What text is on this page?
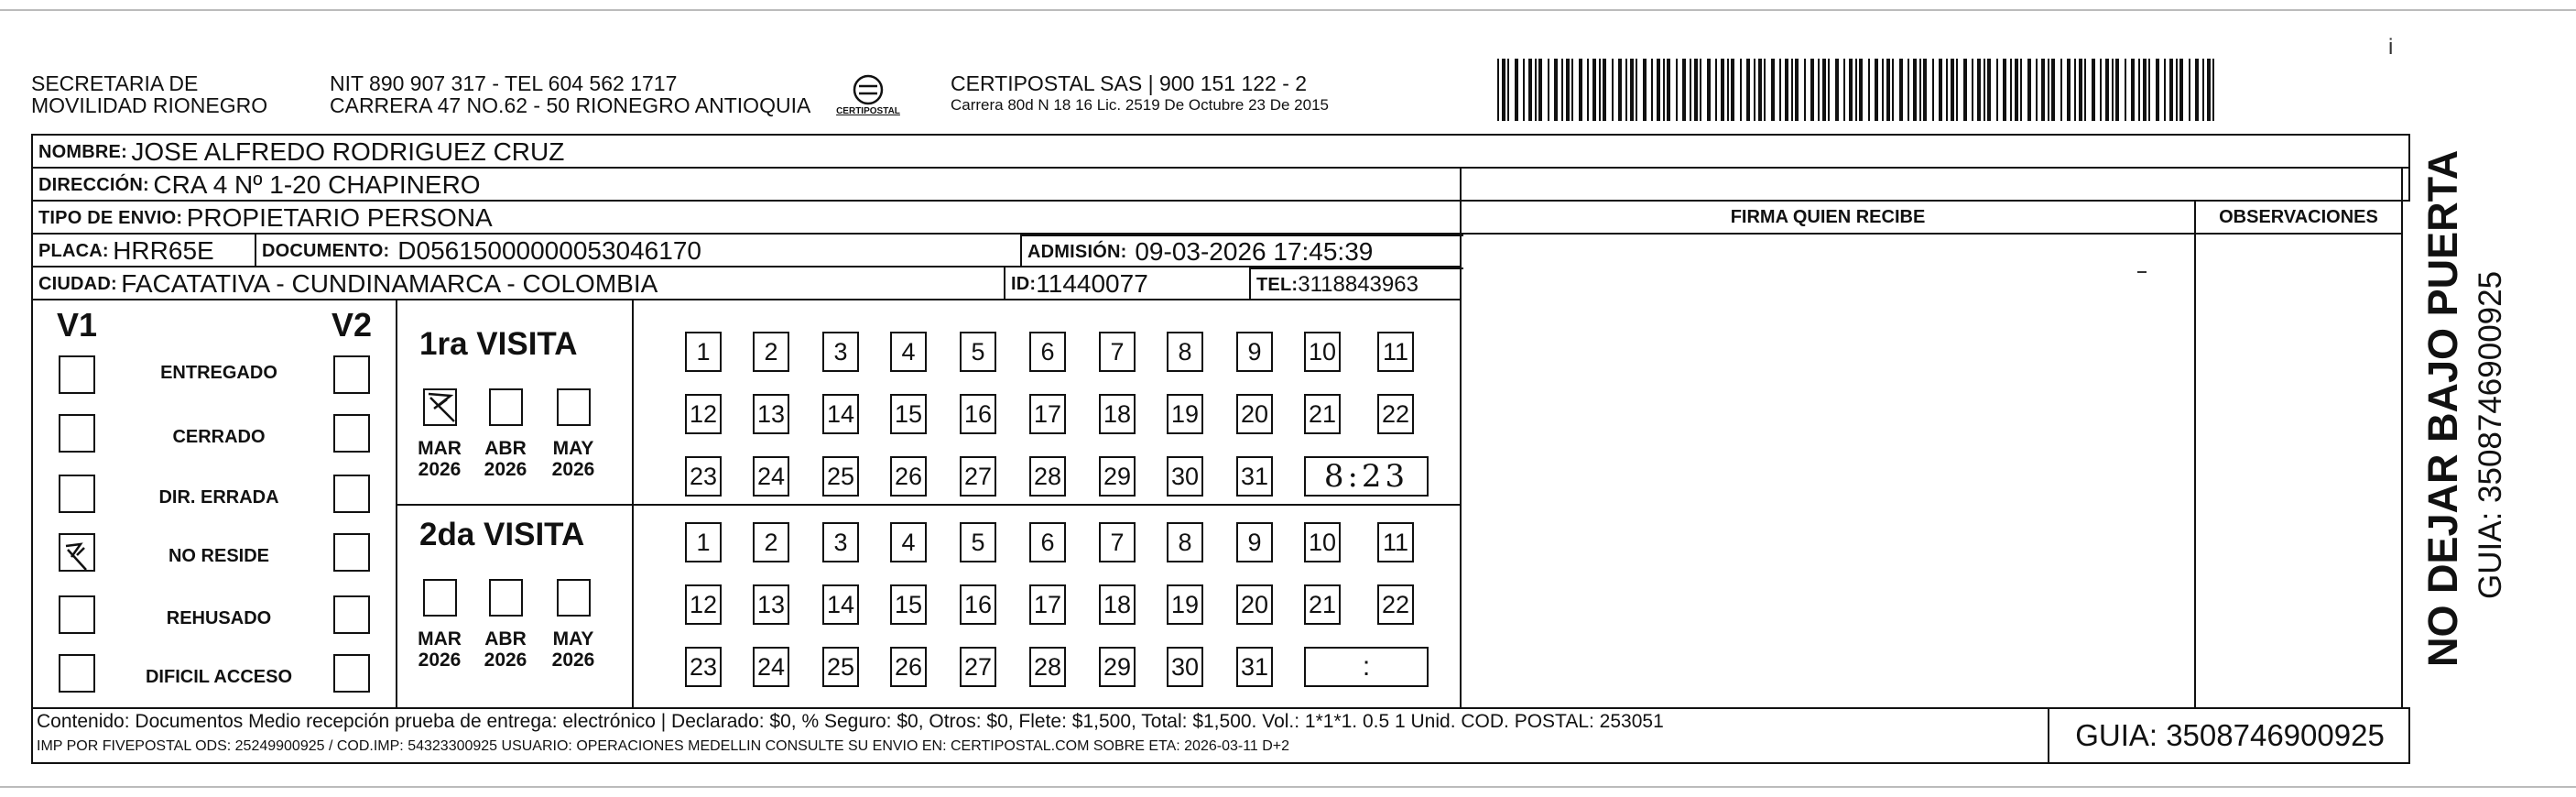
i
SECRETARIA DE
MOVILIDAD RIONEGRO
NIT 890 907 317 - TEL 604 562 1717
CARRERA 47 NO.62 - 50 RIONEGRO ANTIOQUIA	CERTIPOSTAL
CERTIPOSTAL SAS | 900 151 122 - 2
Carrera 80d N 18 16 Lic. 2519 De Octubre 23 De 2015
NOMBRE:
JOSE ALFREDO RODRIGUEZ CRUZ
DIRECCIÓN:
CRA 4 Nº 1-20 CHAPINERO
TIPO DE ENVIO:
PROPIETARIO PERSONA
PLACA:
HRR65E	DOCUMENTO:
D05615000000053046170	ADMISIÓN:
09-03-2026 17:45:39
CIUDAD:
FACATATIVA - CUNDINAMARCA - COLOMBIA	ID: 11440077	TEL: 3118843963
FIRMA QUIEN RECIBE	OBSERVACIONES
V1	V2
ENTREGADO
CERRADO
DIR. ERRADA
NO RESIDE
REHUSADO
DIFICIL ACCESO
1ra VISITA
2da VISITA
1	2	3	4	5	6	7	8	9	10 11
12 13 14 15 16 17 18 19 20 21 22
23 24 25 26 27 28 29 30 31	8:23
MAR
2026
ABR
2026
MAY
2026
1	2	3	4	5	6	7	8	9	10 11
12 13 14 15 16 17 18 19 20 21 22
23 24 25 26 27 28 29 30 31	:
MAR
2026
ABR
2026
MAY
2026	NO DEJAR BAJO PUERTA GUIA: 3508746900925
Contenido: Documentos Medio recepción prueba de entrega: electrónico | Declarado: $0, % Seguro: $0, Otros: $0, Flete: $1,500, Total: $1,500. Vol.: 1*1*1. 0.5 1 Unid. COD. POSTAL: 253051
IMP POR FIVEPOSTAL ODS: 25249900925 / COD.IMP: 54323300925 USUARIO: OPERACIONES MEDELLIN CONSULTE SU ENVIO EN: CERTIPOSTAL.COM SOBRE ETA: 2026-03-11 D+2	GUIA: 3508746900925
